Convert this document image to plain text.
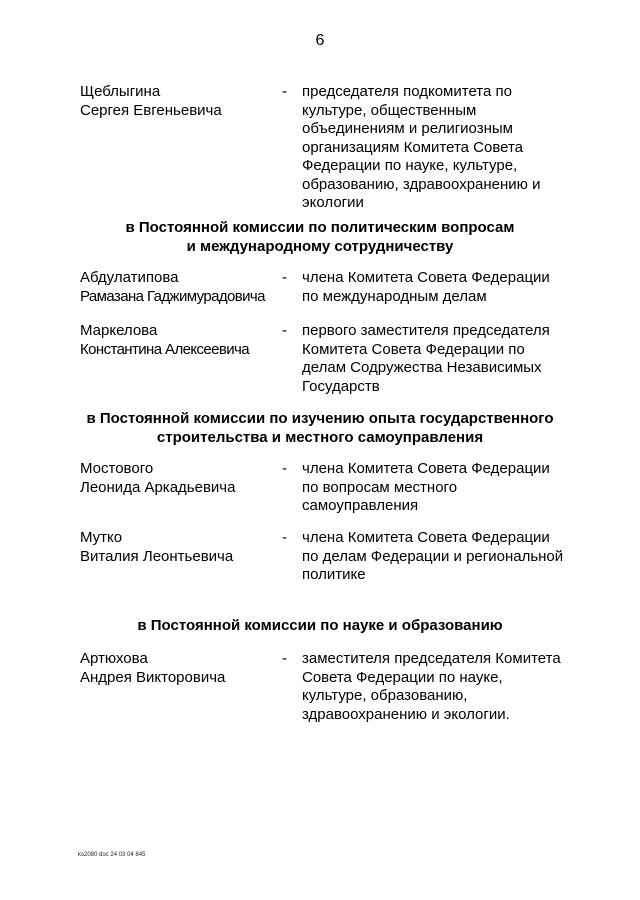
6
Щеблыгина
Сергея Евгеньевича
- председателя подкомитета по
культуре, общественным
объединениям и религиозным
организациям Комитета Совета
Федерации по науке, культуре,
образованию, здравоохранению и
экологии
в Постоянной комиссии по политическим вопросам
и международному сотрудничеству
Абдулатипова
Рамазана Гаджимурадовича
- члена Комитета Совета Федерации
по международным делам
Маркелова
Константина Алексеевича
- первого заместителя председателя
Комитета Совета Федерации по
делам Содружества Независимых
Государств
в Постоянной комиссии по изучению опыта государственного
строительства и местного самоуправления
Мостового
Леонида Аркадьевича
- члена Комитета Совета Федерации
по вопросам местного
самоуправления
Мутко
Виталия Леонтьевича
- члена Комитета Совета Федерации
по делам Федерации и региональной
политике
в Постоянной комиссии по науке и образованию
Артюхова
Андрея Викторовича
- заместителя председателя Комитета
Совета Федерации по науке,
культуре, образованию,
здравоохранению и экологии.
ks2080 doc 24 03 04 845
